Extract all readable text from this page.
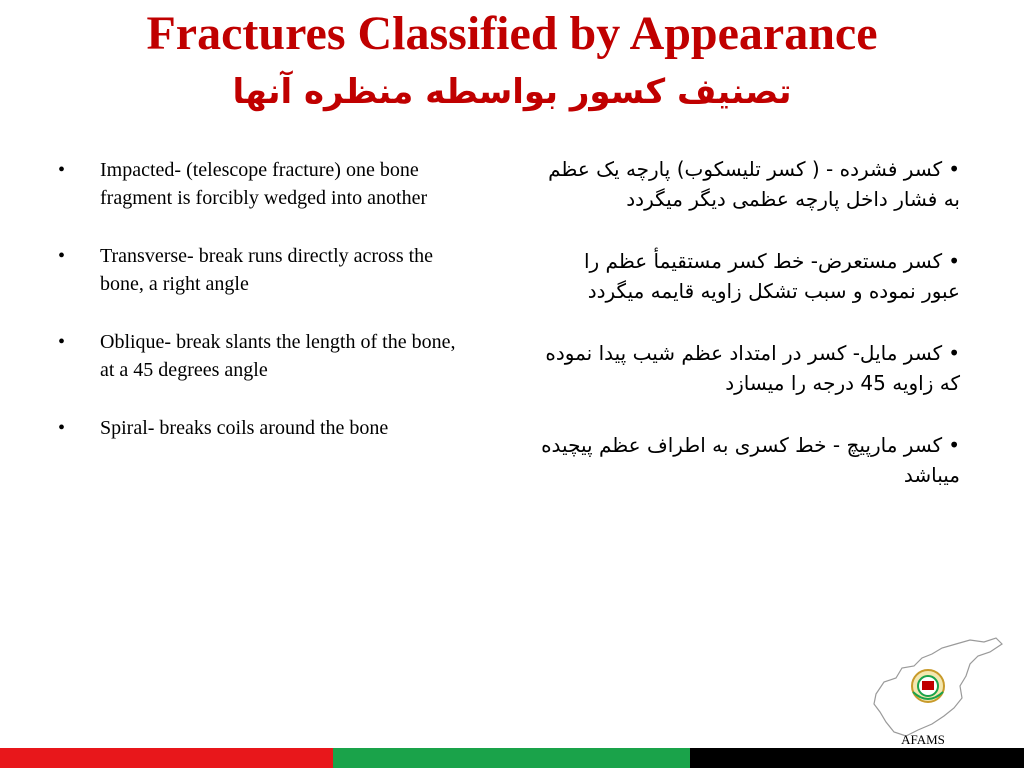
Fractures Classified by Appearance
تصنيف کسور بواسطه منظره آنها
• Impacted- (telescope fracture) one bone fragment is forcibly wedged into another
• Transverse- break runs directly across the bone, a right angle
• Oblique- break slants the length of the bone, at a 45 degrees angle
• Spiral- breaks coils around the bone
•کسر فشرده - ( کسر تليسکوب) پارچه يک عظم به فشار داخل پارچه عظمی ديگر ميگردد
•کسر مستعرض- خط کسر مستقيمأ عظم را عبور نموده و سبب تشکل زاويه قايمه ميگردد
•کسر مايل- کسر در امتداد عظم شيب پيدا نموده که زاويه 45 درجه را ميسازد
•کسر مارپيچ - خط کسری به اطراف عظم پيچيده ميباشد
AFAMS
